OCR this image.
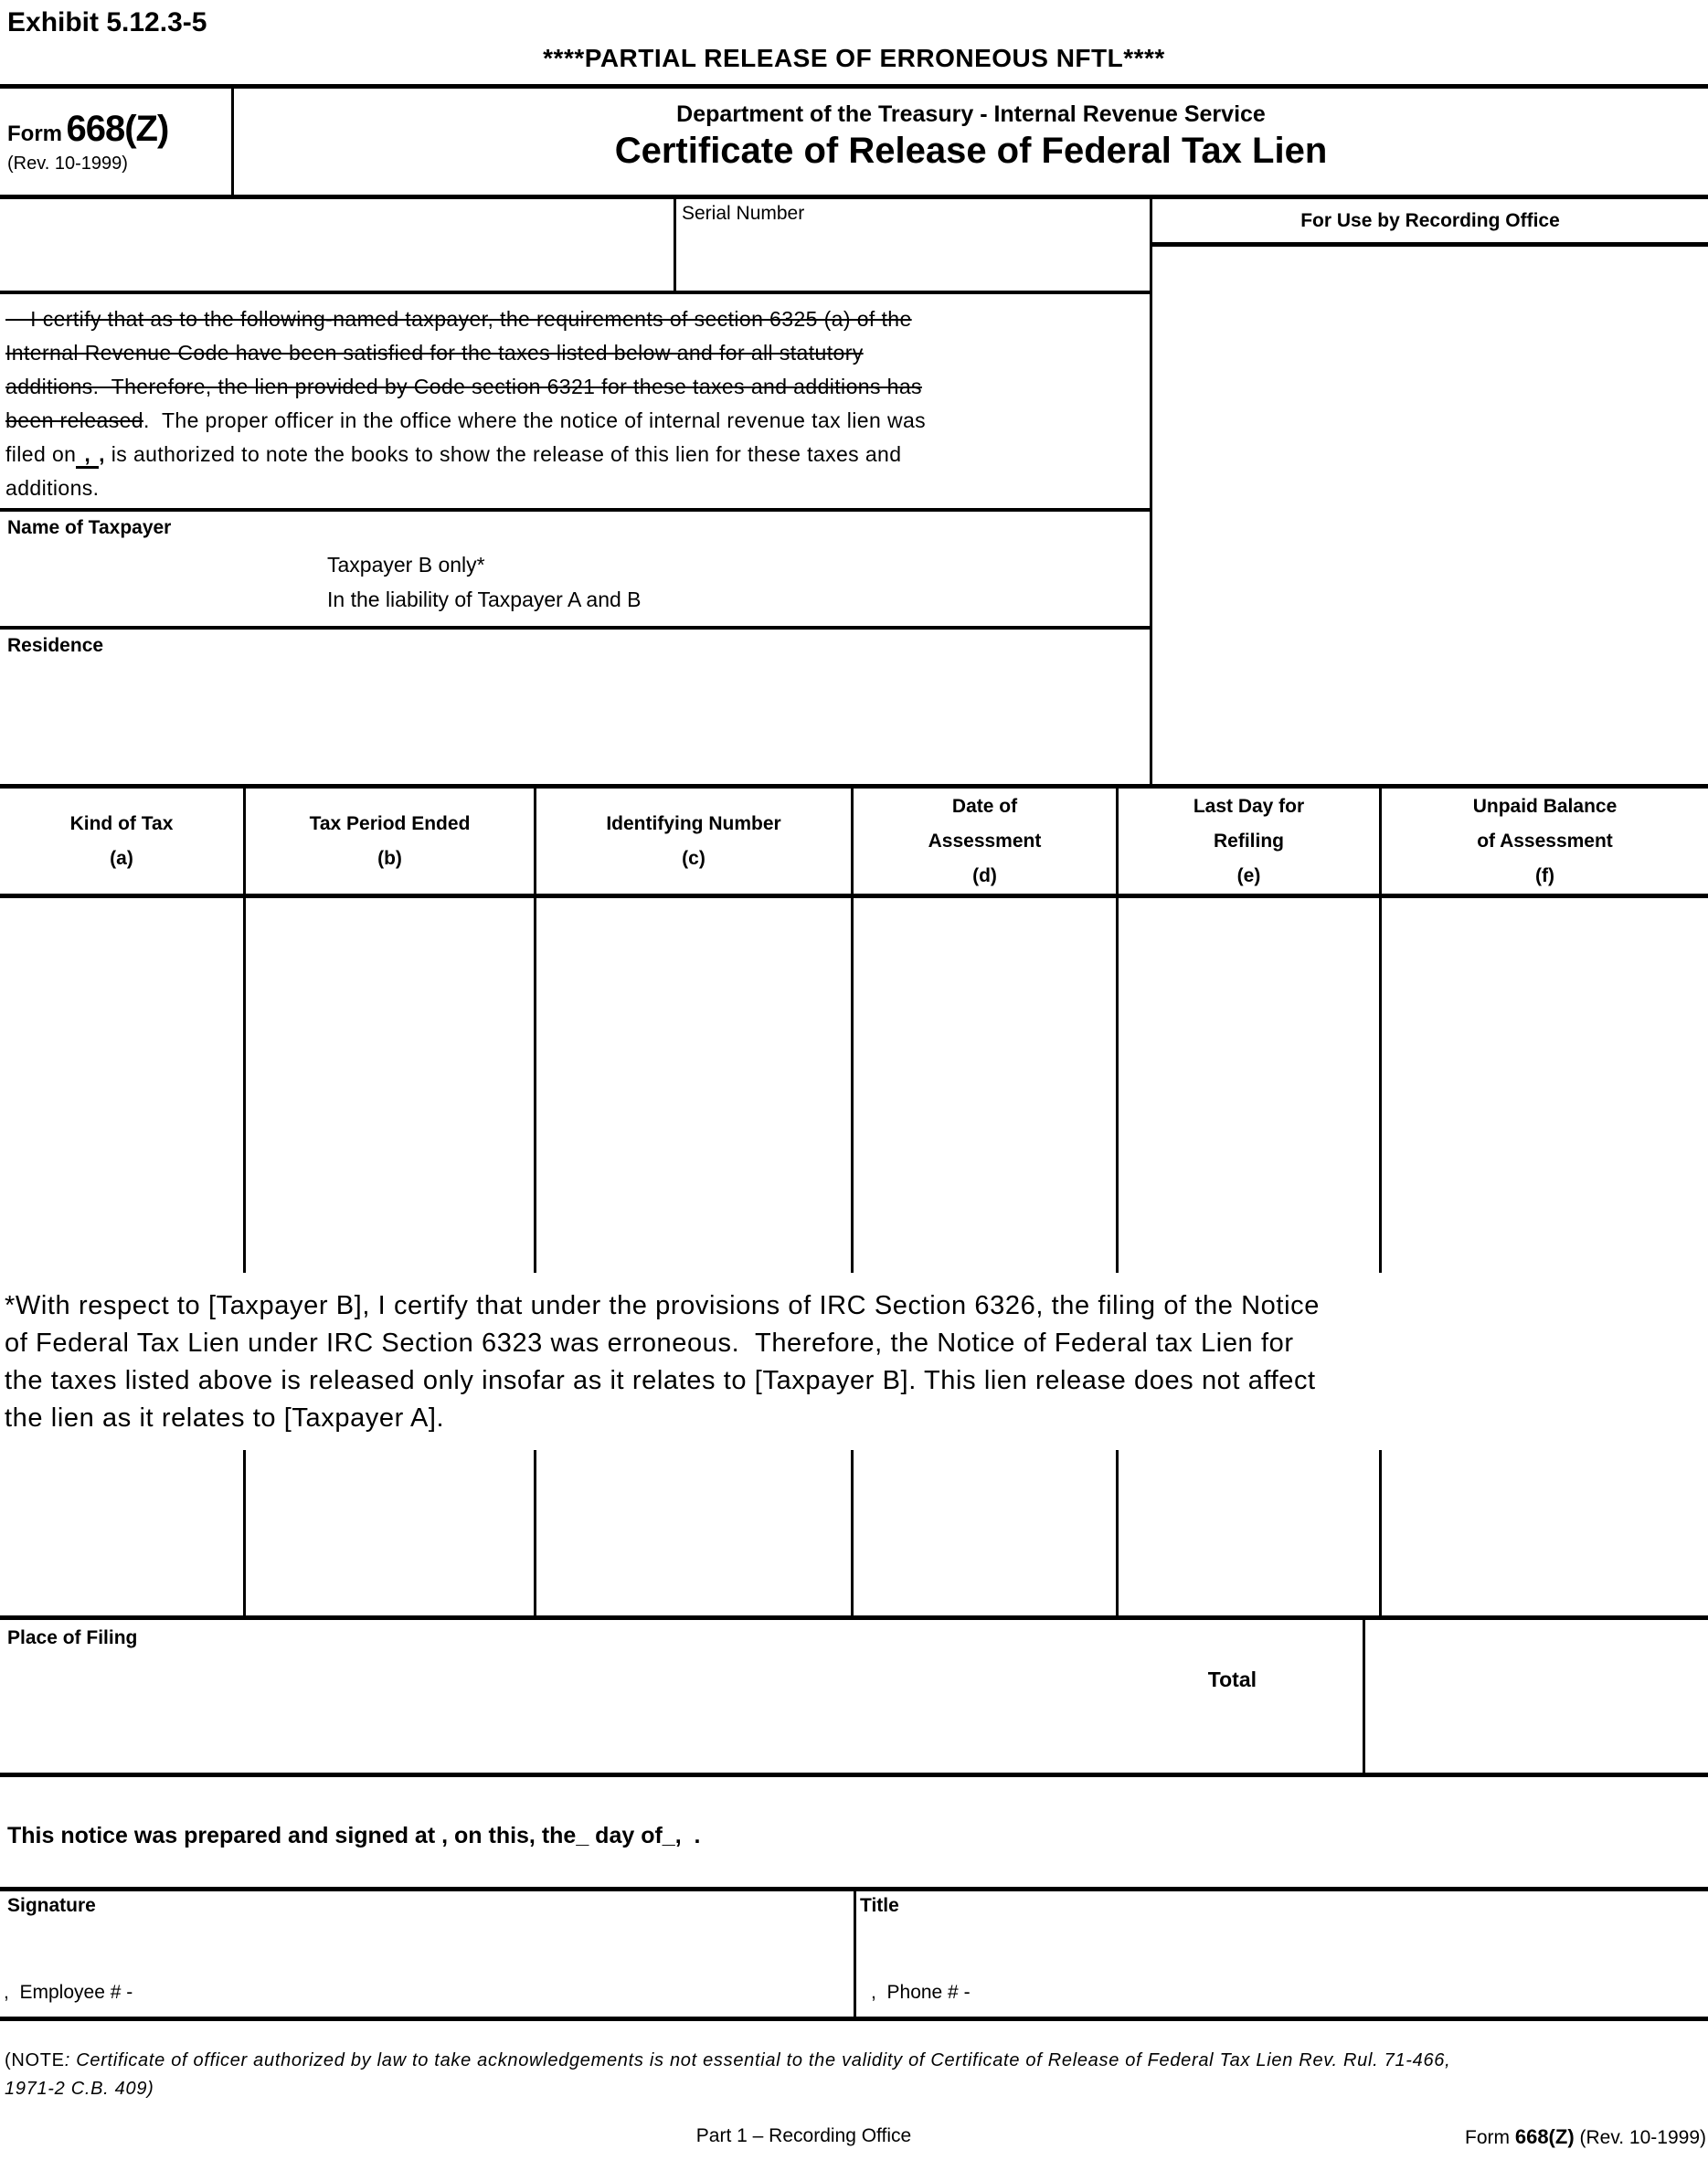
Exhibit 5.12.3-5
****PARTIAL RELEASE OF ERRONEOUS NFTL****
Form 668(Z)
(Rev. 10-1999)
Department of the Treasury - Internal Revenue Service
Certificate of Release of Federal Tax Lien
Serial Number
I certify that as to the following-named taxpayer, the requirements of section 6325 (a) of the
Internal Revenue Code have been satisfied for the taxes listed below and for all statutory
additions.  Therefore, the lien provided by Code section 6321 for these taxes and additions has
been released.  The proper officer in the office where the notice of internal revenue tax lien was
filed on , , is authorized to note the books to show the release of this lien for these taxes and
additions.
Name of Taxpayer
Taxpayer B only*
In the liability of Taxpayer A and B
Residence
For Use by Recording Office
Kind of Tax
(a)
Tax Period Ended
(b)
Identifying Number
(c)
Date of
Assessment
(d)
Last Day for
Refiling
(e)
Unpaid Balance
of Assessment
(f)
*With respect to [Taxpayer B], I certify that under the provisions of IRC Section 6326, the filing of the Notice
of Federal Tax Lien under IRC Section 6323 was erroneous.  Therefore, the Notice of Federal tax Lien for
the taxes listed above is released only insofar as it relates to [Taxpayer B]. This lien release does not affect
the lien as it relates to [Taxpayer A].
Place of Filing
Total
This notice was prepared and signed at , on this, the_ day of_,  .
Signature
,  Employee # -
Title
,  Phone # -
(NOTE: Certificate of officer authorized by law to take acknowledgements is not essential to the validity of Certificate of Release of Federal Tax Lien Rev. Rul. 71-466,
1971-2 C.B. 409)
Part 1 – Recording Office	Form 668(Z) (Rev. 10-1999)
